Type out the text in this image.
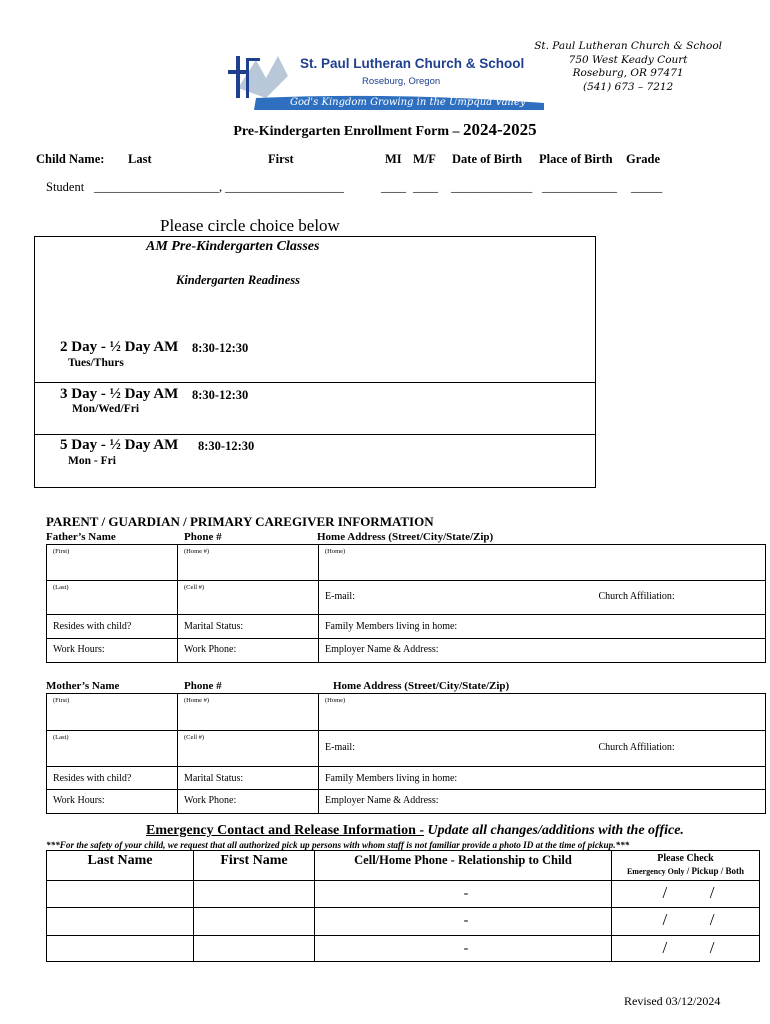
St. Paul Lutheran Church & School
750 West Keady Court
Roseburg, OR 97471
(541) 673 – 7212
St. Paul Lutheran Church & School
Roseburg, Oregon
God's Kingdom Growing in the Umpqua Valley
Pre-Kindergarten Enrollment Form – 2024-2025
Child Name: Last	First	MI M/F Date of Birth Place of Birth Grade
Student ____________________, ___________________	____ ____ _____________ ____________ _____
Please circle choice below
AM Pre-Kindergarten Classes
Kindergarten Readiness
2 Day - ½ Day AM 8:30-12:30
Tues/Thurs
3 Day - ½ Day AM 8:30-12:30
Mon/Wed/Fri
5 Day - ½ Day AM 8:30-12:30
Mon - Fri
PARENT / GUARDIAN / PRIMARY CAREGIVER INFORMATION
Father’s Name	Phone #	Home Address (Street/City/State/Zip)
(First)	(Home #)	(Home)
(Last)	(Cell #)	E-mail: Church Affiliation:

Resides with child?	Marital Status:	Family Members living in home:
Work Hours:	Work Phone:	Employer Name & Address:
Mother’s Name	Phone #	Home Address (Street/City/State/Zip)
(First)	(Home #)	(Home)
(Last)	(Cell #)	E-mail: Church Affiliation:

Resides with child?	Marital Status:	Family Members living in home:
Work Hours:	Work Phone:	Employer Name & Address:
Emergency Contact and Release Information - Update all changes/additions with the office.
***For the safety of your child, we request that all authorized pick up persons with whom staff is not familiar provide a photo ID at the time of pickup.***
Last Name	First Name	Cell/Home Phone - Relationship to Child	Please Check
Emergency Only / Pickup / Both

		-	/          /
		-	/          /
		-	/          /
Revised 03/12/2024
